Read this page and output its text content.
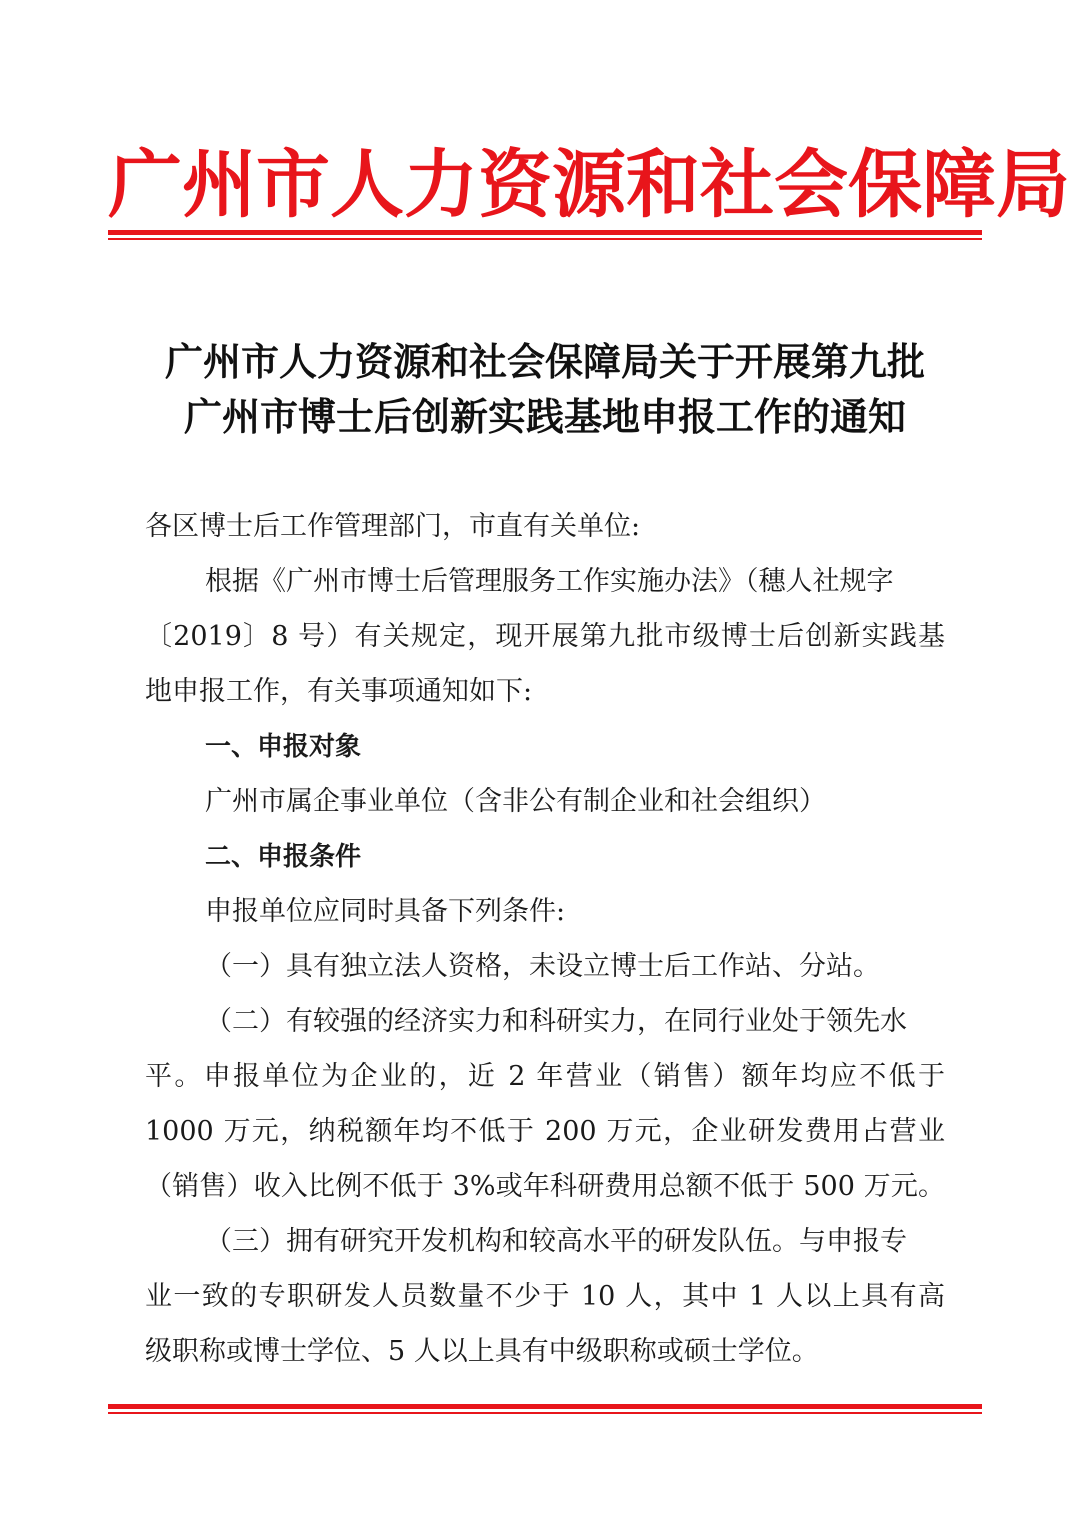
广州市人力资源和社会保障局
广州市人力资源和社会保障局关于开展第九批
广州市博士后创新实践基地申报工作的通知
各区博士后工作管理部门，市直有关单位:
根据《广州市博士后管理服务工作实施办法》（穗人社规字
〔2019〕8 号）有关规定，现开展第九批市级博士后创新实践基
地申报工作，有关事项通知如下:
一、申报对象
广州市属企事业单位（含非公有制企业和社会组织）
二、申报条件
申报单位应同时具备下列条件:
（一）具有独立法人资格，未设立博士后工作站、分站。
（二）有较强的经济实力和科研实力，在同行业处于领先水
平。申报单位为企业的，近 2 年营业（销售）额年均应不低于
1000 万元，纳税额年均不低于 200 万元，企业研发费用占营业
（销售）收入比例不低于 3%或年科研费用总额不低于 500 万元。
（三）拥有研究开发机构和较高水平的研发队伍。与申报专
业一致的专职研发人员数量不少于 10 人，其中 1 人以上具有高
级职称或博士学位、5 人以上具有中级职称或硕士学位。
